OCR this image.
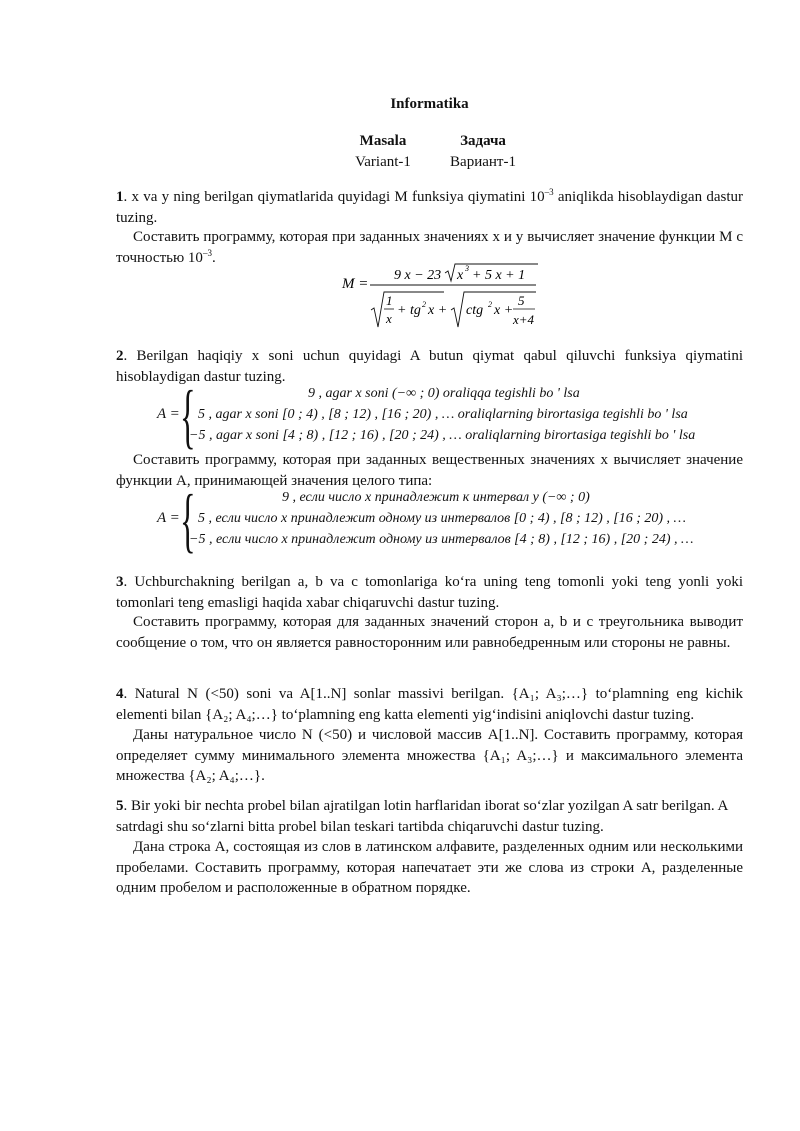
Informatika
Masala
Variant-1
Задача
Вариант-1
1. x va y ning berilgan qiymatlarida quyidagi M funksiya qiymatini $10^{-3}$ aniqlikda hisoblaydigan dastur tuzing.
Составить программу, которая при заданных значениях x и y вычисляет значение функции M с точностью $10^{-3}$.
M =
9 x − 23 x 3 + 5 x + 1
1
x
+ tg 2 x + ctg 2 x +
5
x+4
2. Berilgan haqiqiy x soni uchun quyidagi A butun qiymat qabul qiluvchi funksiya qiymatini hisoblaydigan dastur tuzing.
A = {	9 , agar x soni (−∞ ; 0) oraliqqa tegishli bo ' lsa
5 , agar x soni [0 ; 4) , [8 ; 12) , [16 ; 20) , … oraliqlarning birortasiga tegishli bo ' lsa
−5 , agar x soni [4 ; 8) , [12 ; 16) , [20 ; 24) , … oraliqlarning birortasiga tegishli bo ' lsa
Составить программу, которая при заданных вещественных значениях x вычисляет значение функции A, принимающей значения целого типа:
A = {	9 , если число x принадлежит к интервал y (−∞ ; 0)
5 , если число x принадлежит одному из интервалов [0 ; 4) , [8 ; 12) , [16 ; 20) , …
−5 , если число x принадлежит одному из интервалов [4 ; 8) , [12 ; 16) , [20 ; 24) , …
3. Uchburchakning berilgan a, b va c tomonlariga ko‘ra uning teng tomonli yoki teng yonli yoki tomonlari teng emasligi haqida xabar chiqaruvchi dastur tuzing.
Составить программу, которая для заданных значений сторон a, b и c треугольника выводит сообщение о том, что он является равносторонним или равнобедренным или стороны не равны.
4. Natural N (<50) soni va A[1..N] sonlar massivi berilgan. {A₁; A₃;…} to‘plamning eng kichik elementi bilan {A₂; A₄;…} to‘plamning eng katta elementi yig‘indisini aniqlovchi dastur tuzing.
Даны натуральное число N (<50) и числовой массив A[1..N]. Составить программу, которая определяет сумму минимального элемента множества {A₁; A₃;…} и максимального элемента множества {A₂; A₄;…}.
5. Bir yoki bir nechta probel bilan ajratilgan lotin harflaridan iborat so‘zlar yozilgan A satr berilgan. A satrdagi shu so‘zlarni bitta probel bilan teskari tartibda chiqaruvchi dastur tuzing.
Дана строка A, состоящая из слов в латинском алфавите, разделенных одним или несколькими пробелами. Составить программу, которая напечатает эти же слова из строки A, разделенные одним пробелом и расположенные в обратном порядке.
